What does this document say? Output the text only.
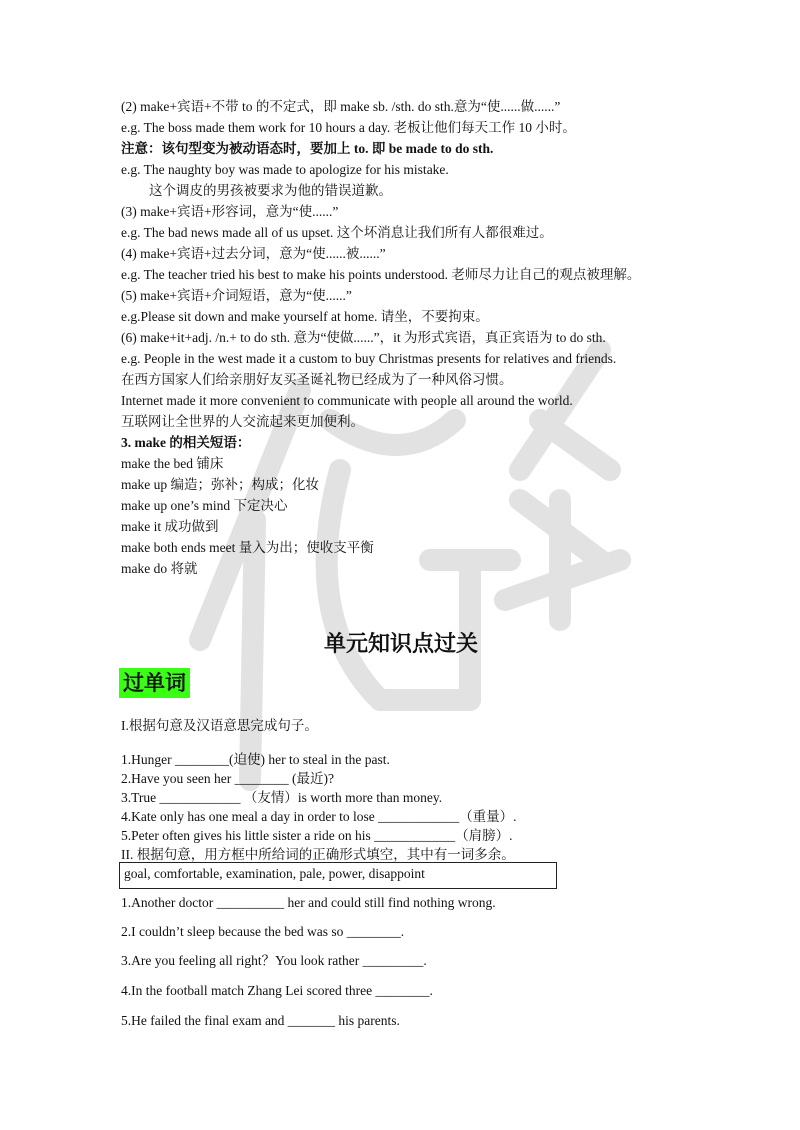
(2) make+宾语+不带 to 的不定式，即 make sb. /sth. do sth.意为“使......做......”
e.g. The boss made them work for 10 hours a day. 老板让他们每天工作 10 小时。
注意：该句型变为被动语态时，要加上 to. 即 be made to do sth.
e.g. The naughty boy was made to apologize for his mistake.
这个调皮的男孩被要求为他的错误道歉。
(3) make+宾语+形容词，意为“使......”
e.g. The bad news made all of us upset. 这个坏消息让我们所有人都很难过。
(4) make+宾语+过去分词，意为“使......被......”
e.g. The teacher tried his best to make his points understood. 老师尽力让自己的观点被理解。
(5) make+宾语+介词短语，意为“使......”
e.g.Please sit down and make yourself at home. 请坐，不要拘束。
(6) make+it+adj. /n.+ to do sth. 意为“使做......”，it 为形式宾语，真正宾语为 to do sth.
e.g. People in the west made it a custom to buy Christmas presents for relatives and friends.
在西方国家人们给亲朋好友买圣诞礼物已经成为了一种风俗习惯。
Internet made it more convenient to communicate with people all around the world.
互联网让全世界的人交流起来更加便利。
3. make 的相关短语：
make the bed 铺床
make up 编造；弥补；构成；化妆
make up one’s mind 下定决心
make it 成功做到
make both ends meet 量入为出；使收支平衡
make do 将就
单元知识点过关
过单词
I.根据句意及汉语意思完成句子。
1.Hunger ________(迫使) her to steal in the past.
2.Have you seen her ________ (最近)?
3.True ____________ （友情）is worth more than money.
4.Kate only has one meal a day in order to lose ____________（重量）.
5.Peter often gives his little sister a ride on his ____________（肩膀）.
II. 根据句意，用方框中所给词的正确形式填空，其中有一词多余。
goal, comfortable, examination, pale, power, disappoint
1.Another doctor __________ her and could still find nothing wrong.
2.I couldn’t sleep because the bed was so ________.
3.Are you feeling all right？You look rather _________.
4.In the football match Zhang Lei scored three ________.
5.He failed the final exam and _______ his parents.
